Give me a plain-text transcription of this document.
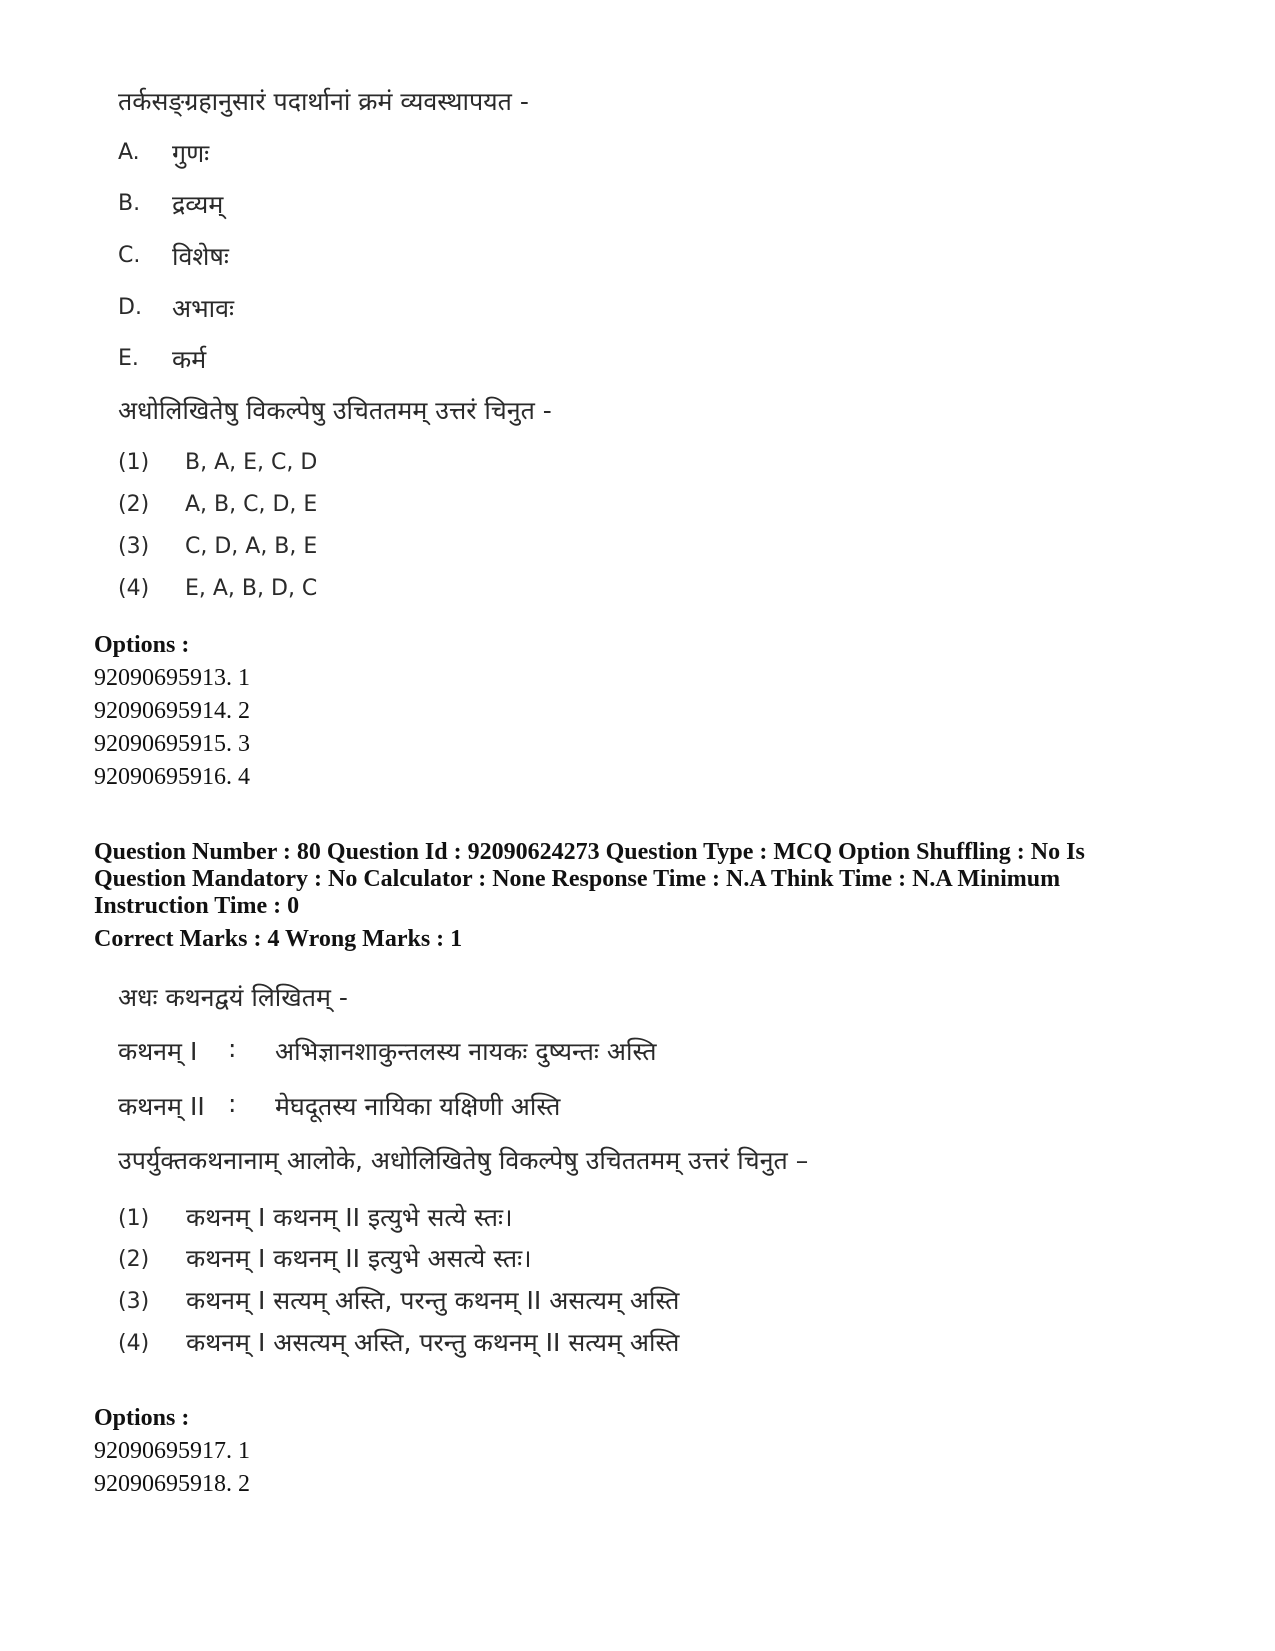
तर्कसङ्ग्रहानुसारं पदार्थानां क्रमं व्यवस्थापयत -
A. गुणः
B. द्रव्यम्
C. विशेषः
D. अभावः
E. कर्म
अधोलिखितेषु विकल्पेषु उचिततमम् उत्तरं चिनुत -
(1) B, A, E, C, D
(2) A, B, C, D, E
(3) C, D, A, B, E
(4) E, A, B, D, C
Options :
92090695913. 1
92090695914. 2
92090695915. 3
92090695916. 4
Question Number : 80 Question Id : 92090624273 Question Type : MCQ Option Shuffling : No Is
Question Mandatory : No Calculator : None Response Time : N.A Think Time : N.A Minimum
Instruction Time : 0
Correct Marks : 4 Wrong Marks : 1
अधः कथनद्वयं लिखितम् -
कथनम् I : अभिज्ञानशाकुन्तलस्य नायकः दुष्यन्तः अस्ति
कथनम् II : मेघदूतस्य नायिका यक्षिणी अस्ति
उपर्युक्तकथनानाम् आलोके, अधोलिखितेषु विकल्पेषु उचिततमम् उत्तरं चिनुत –
(1) कथनम् I कथनम् II इत्युभे सत्ये स्तः।
(2) कथनम् I कथनम् II इत्युभे असत्ये स्तः।
(3) कथनम् I सत्यम् अस्ति, परन्तु कथनम् II असत्यम् अस्ति
(4) कथनम् I असत्यम् अस्ति, परन्तु कथनम् II सत्यम् अस्ति
Options :
92090695917. 1
92090695918. 2
